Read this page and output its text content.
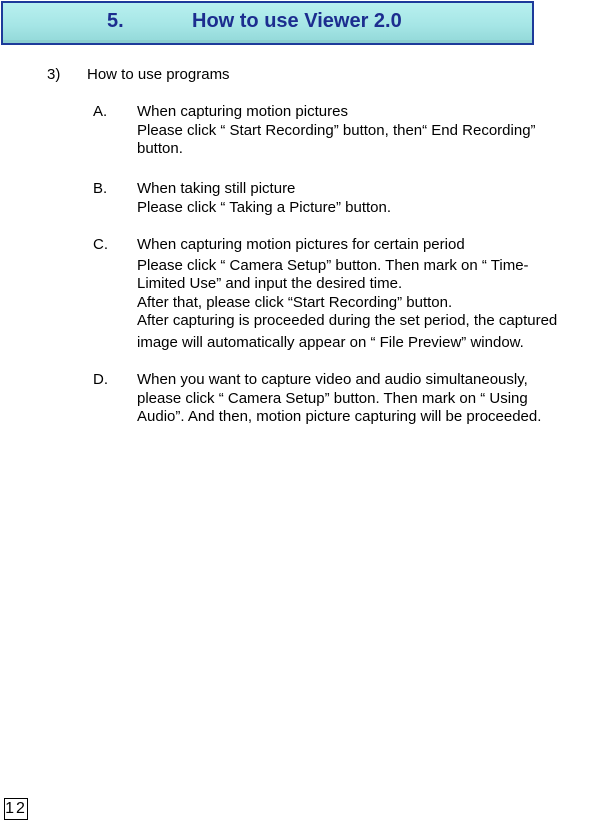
5.	How to use Viewer 2.0
3) How to use programs
A. When capturing motion pictures
Please click “ Start Recording” button, then“ End Recording”
button.
B. When taking still picture
Please click “ Taking a Picture” button.
C. When capturing motion pictures for certain period
Please click “ Camera Setup” button. Then mark on “ Time-
Limited Use” and input the desired time.
After that, please click “Start Recording” button.
After capturing is proceeded during the set period, the captured
image will automatically appear on “ File Preview” window.
D. When you want to capture video and audio simultaneously,
please click “ Camera Setup” button. Then mark on “ Using
Audio”. And then, motion picture capturing will be proceeded.
12
